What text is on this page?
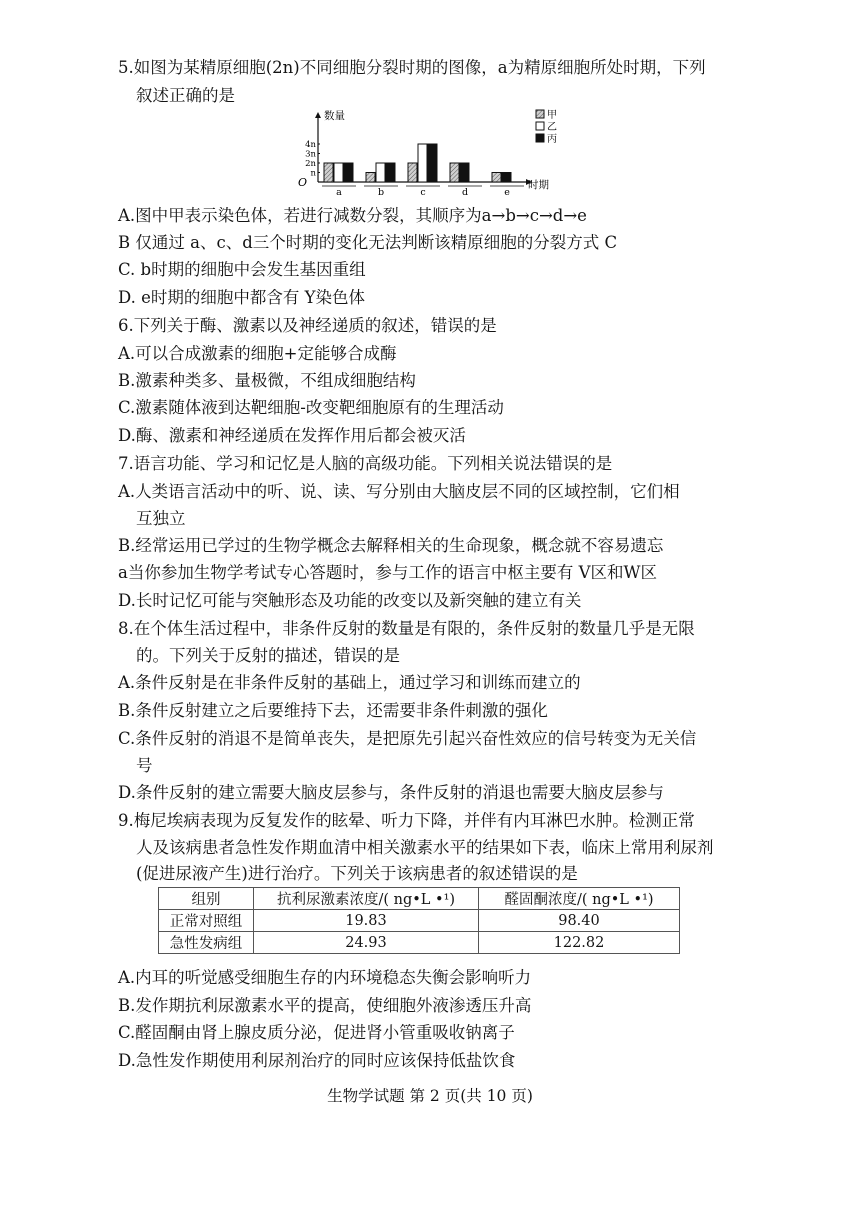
5.如图为某精原细胞(2n)不同细胞分裂时期的图像，a为精原细胞所处时期，下列
叙述正确的是
n
2n
3n
4n
O
数量
时期
a	b	c	d	e
甲
乙
丙
A.图中甲表示染色体，若进行减数分裂，其顺序为a→b→c→d→e
B 仅通过 a、c、d三个时期的变化无法判断该精原细胞的分裂方式 C
C. b时期的细胞中会发生基因重组
D. e时期的细胞中都含有 Y染色体
6.下列关于酶、激素以及神经递质的叙述，错误的是
A.可以合成激素的细胞+定能够合成酶
B.激素种类多、量极微，不组成细胞结构
C.激素随体液到达靶细胞-改变靶细胞原有的生理活动
D.酶、激素和神经递质在发挥作用后都会被灭活
7.语言功能、学习和记忆是人脑的高级功能。下列相关说法错误的是
A.人类语言活动中的听、说、读、写分别由大脑皮层不同的区域控制，它们相
互独立
B.经常运用已学过的生物学概念去解释相关的生命现象，概念就不容易遗忘
a当你参加生物学考试专心答题时，参与工作的语言中枢主要有 V区和W区
D.长时记忆可能与突触形态及功能的改变以及新突触的建立有关
8.在个体生活过程中，非条件反射的数量是有限的，条件反射的数量几乎是无限
的。下列关于反射的描述，错误的是
A.条件反射是在非条件反射的基础上，通过学习和训练而建立的
B.条件反射建立之后要维持下去，还需要非条件刺激的强化
C.条件反射的消退不是简单丧失，是把原先引起兴奋性效应的信号转变为无关信
号
D.条件反射的建立需要大脑皮层参与，条件反射的消退也需要大脑皮层参与
9.梅尼埃病表现为反复发作的眩晕、听力下降，并伴有内耳淋巴水肿。检测正常
人及该病患者急性发作期血清中相关激素水平的结果如下表，临床上常用利尿剂
(促进尿液产生)进行治疗。下列关于该病患者的叙述错误的是
组别	抗利尿激素浓度/( ng•L •¹)	醛固酮浓度/( ng•L •¹)
正常对照组	19.83	98.40
急性发病组	24.93	122.82
A.内耳的听觉感受细胞生存的内环境稳态失衡会影响听力
B.发作期抗利尿激素水平的提高，使细胞外液渗透压升高
C.醛固酮由肾上腺皮质分泌，促进肾小管重吸收钠离子
D.急性发作期使用利尿剂治疗的同时应该保持低盐饮食
生物学试题 第 2 页(共 10 页)
